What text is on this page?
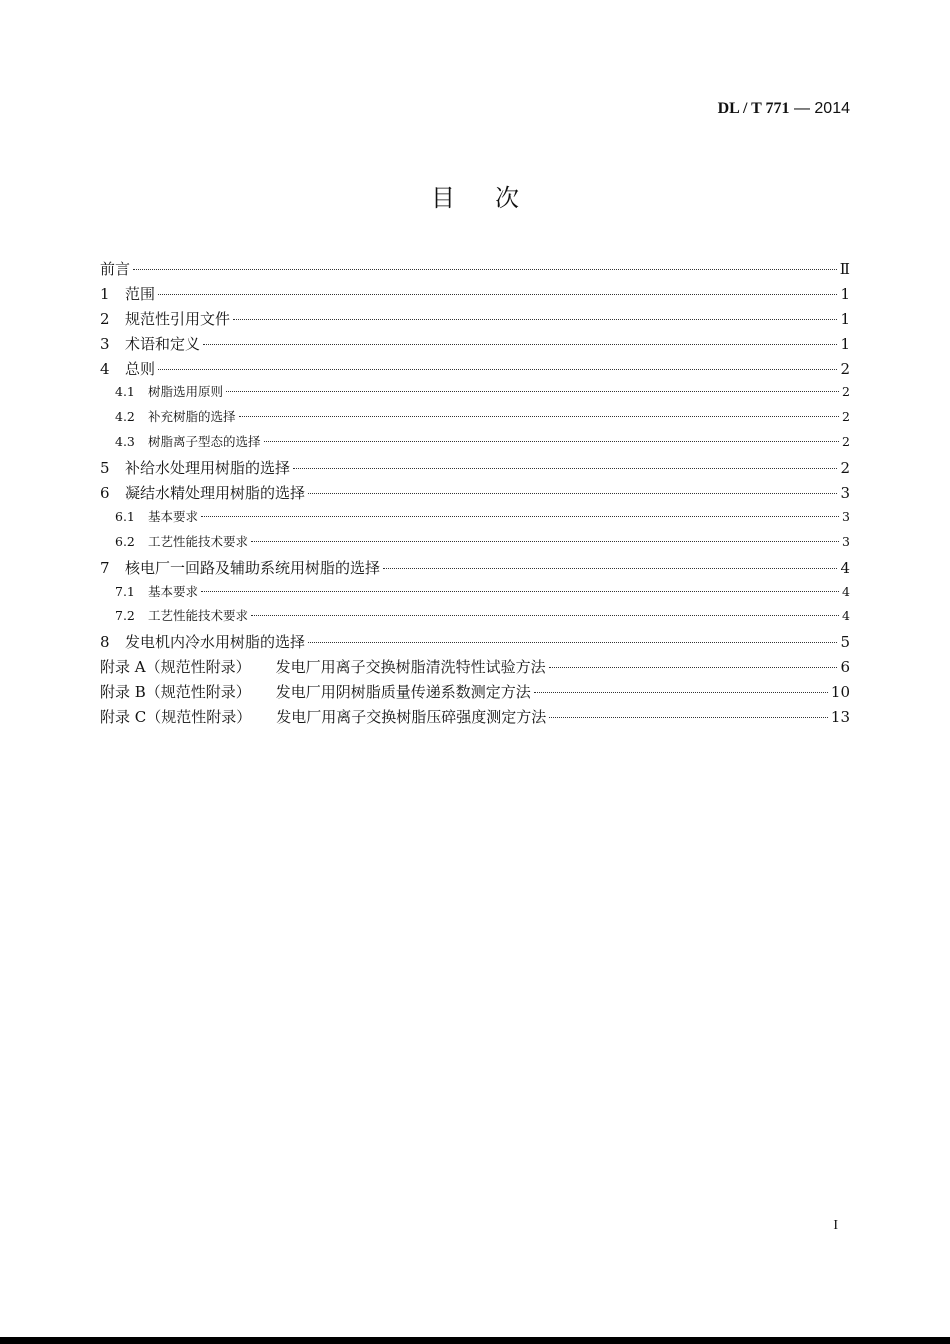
DL / T 771 — 2014
目次
前言	Ⅱ
1	范围	1
2	规范性引用文件	1
3	术语和定义	1
4	总则	2
4.1	树脂选用原则	2
4.2	补充树脂的选择	2
4.3	树脂离子型态的选择	2
5	补给水处理用树脂的选择	2
6	凝结水精处理用树脂的选择	3
6.1	基本要求	3
6.2	工艺性能技术要求	3
7	核电厂一回路及辅助系统用树脂的选择	4
7.1	基本要求	4
7.2	工艺性能技术要求	4
8	发电机内冷水用树脂的选择	5
附录 A（规范性附录） 发电厂用离子交换树脂清洗特性试验方法	6
附录 B（规范性附录） 发电厂用阴树脂质量传递系数测定方法	10
附录 C（规范性附录） 发电厂用离子交换树脂压碎强度测定方法	13
I
